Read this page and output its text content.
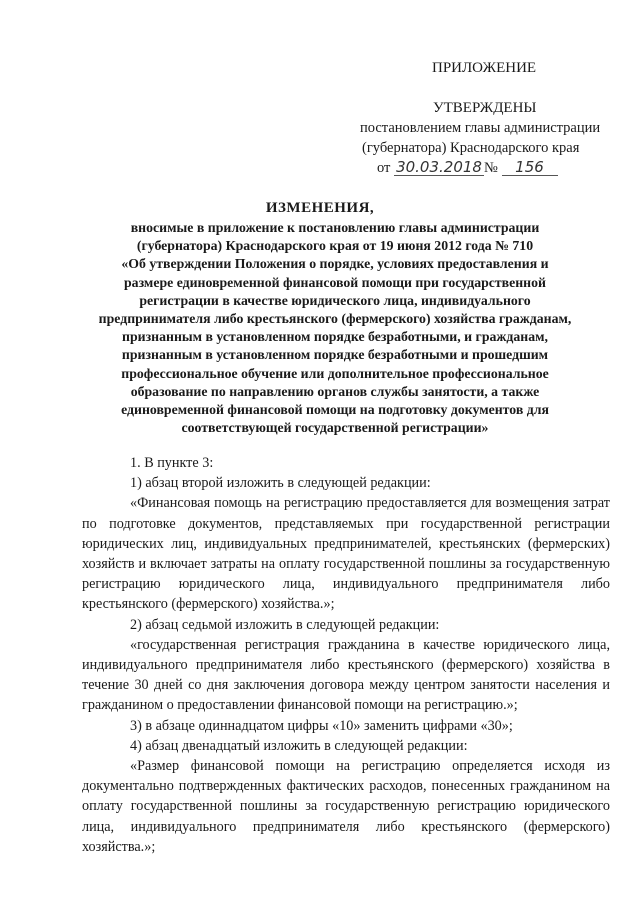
ПРИЛОЖЕНИЕ
УТВЕРЖДЕНЫ
постановлением главы администрации
(губернатора) Краснодарского края
от 30.03.2018 № 156
ИЗМЕНЕНИЯ,
вносимые в приложение к постановлению главы администрации
(губернатора) Краснодарского края от 19 июня 2012 года № 710
«Об утверждении Положения о порядке, условиях предоставления и
размере единовременной финансовой помощи при государственной
регистрации в качестве юридического лица, индивидуального
предпринимателя либо крестьянского (фермерского) хозяйства гражданам,
признанным в установленном порядке безработными, и гражданам,
признанным в установленном порядке безработными и прошедшим
профессиональное обучение или дополнительное профессиональное
образование по направлению органов службы занятости, а также
единовременной финансовой помощи на подготовку документов для
соответствующей государственной регистрации»

1. В пункте 3:

1) абзац второй изложить в следующей редакции:

«Финансовая помощь на регистрацию предоставляется для возмещения затрат по подготовке документов, представляемых при государственной регистрации юридических лиц, индивидуальных предпринимателей, крестьянских (фермерских) хозяйств и включает затраты на оплату государственной пошлины за государственную регистрацию юридического лица, индивидуального предпринимателя либо крестьянского (фермерского) хозяйства.»;

2) абзац седьмой изложить в следующей редакции:

«государственная регистрация гражданина в качестве юридического лица, индивидуального предпринимателя либо крестьянского (фермерского) хозяйства в течение 30 дней со дня заключения договора между центром занятости населения и гражданином о предоставлении финансовой помощи на регистрацию.»;

3) в абзаце одиннадцатом цифры «10» заменить цифрами «30»;

4) абзац двенадцатый изложить в следующей редакции:

«Размер финансовой помощи на регистрацию определяется исходя из документально подтвержденных фактических расходов, понесенных гражданином на оплату государственной пошлины за государственную регистрацию юридического лица, индивидуального предпринимателя либо крестьянского (фермерского) хозяйства.»;
